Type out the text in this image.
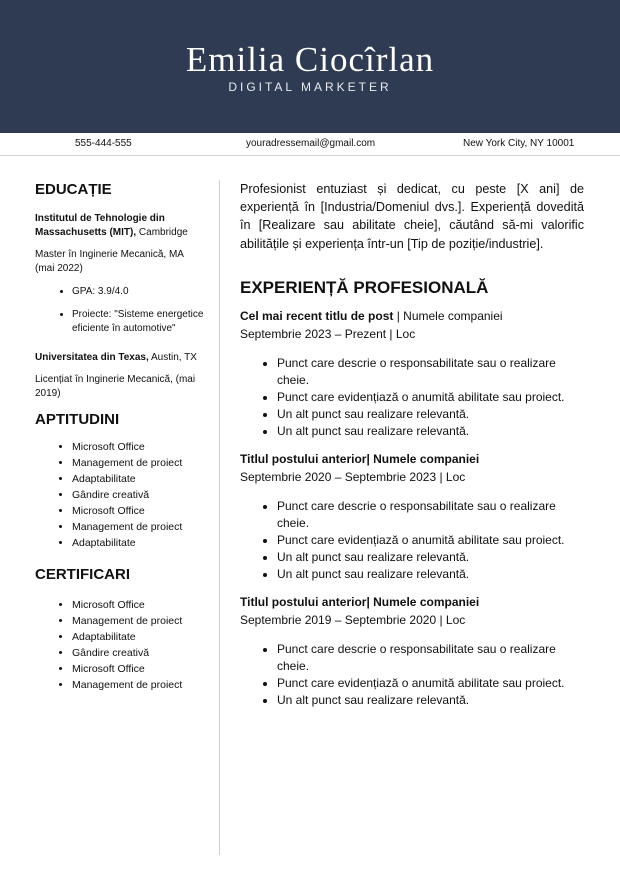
Emilia Ciocîrlan
DIGITAL MARKETER
555-444-555	youradressemail@gmail.com	New York City, NY 10001
EDUCAȚIE

Institutul de Tehnologie din Massachusetts (MIT), Cambridge

Master în Inginerie Mecanică, MA (mai 2022)

• GPA: 3.9/4.0
• Proiecte: "Sisteme energetice eficiente în automotive"

Universitatea din Texas, Austin, TX

Licențiat în Inginerie Mecanică, (mai 2019)

APTITUDINI
• Microsoft Office
• Management de proiect
• Adaptabilitate
• Gândire creativă
• Microsoft Office
• Management de proiect
• Adaptabilitate
CERTIFICARI
• Microsoft Office
• Management de proiect
• Adaptabilitate
• Gândire creativă
• Microsoft Office
• Management de proiect

Profesionist entuziast și dedicat, cu peste [X ani] de experiență în [Industria/Domeniul dvs.]. Experiență dovedită în [Realizare sau abilitate cheie], căutând să-mi valorific abilitățile și experiența într-un [Tip de poziție/industrie].

EXPERIENȚĂ PROFESIONALĂ

Cel mai recent titlu de post | Numele companiei

Septembrie 2023 – Prezent | Loc

• Punct care descrie o responsabilitate sau o realizare cheie.
• Punct care evidențiază o anumită abilitate sau proiect.
• Un alt punct sau realizare relevantă.
• Un alt punct sau realizare relevantă.

Titlul postului anterior| Numele companiei

Septembrie 2020 – Septembrie 2023 | Loc

• Punct care descrie o responsabilitate sau o realizare cheie.
• Punct care evidențiază o anumită abilitate sau proiect.
• Un alt punct sau realizare relevantă.
• Un alt punct sau realizare relevantă.

Titlul postului anterior| Numele companiei

Septembrie 2019 – Septembrie 2020 | Loc

• Punct care descrie o responsabilitate sau o realizare cheie.
• Punct care evidențiază o anumită abilitate sau proiect.
• Un alt punct sau realizare relevantă.
